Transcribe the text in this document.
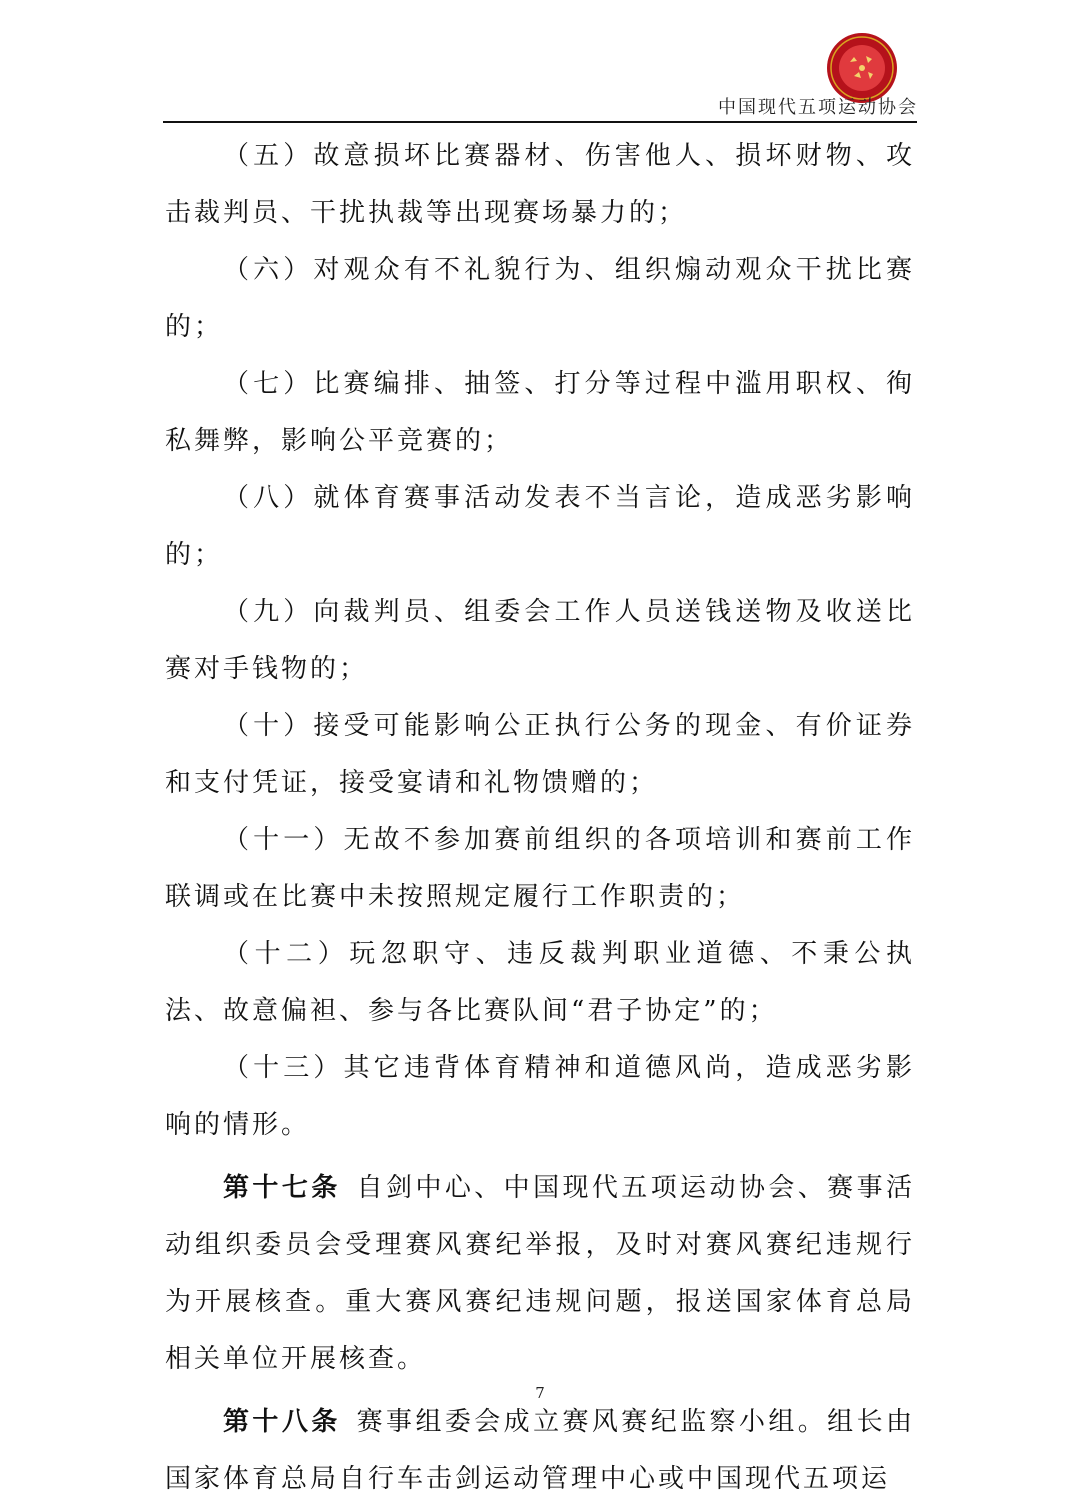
中国现代五项运动协会

（五）故意损坏比赛器材、伤害他人、损坏财物、攻击裁判员、干扰执裁等出现赛场暴力的；

（六）对观众有不礼貌行为、组织煽动观众干扰比赛的；

（七）比赛编排、抽签、打分等过程中滥用职权、徇私舞弊，影响公平竞赛的；

（八）就体育赛事活动发表不当言论，造成恶劣影响的；

（九）向裁判员、组委会工作人员送钱送物及收送比赛对手钱物的；

（十）接受可能影响公正执行公务的现金、有价证券和支付凭证，接受宴请和礼物馈赠的；

（十一）无故不参加赛前组织的各项培训和赛前工作联调或在比赛中未按照规定履行工作职责的；

（十二）玩忽职守、违反裁判职业道德、不秉公执法、故意偏袒、参与各比赛队间“君子协定”的；

（十三）其它违背体育精神和道德风尚，造成恶劣影响的情形。

第十七条 自剑中心、中国现代五项运动协会、赛事活动组织委员会受理赛风赛纪举报，及时对赛风赛纪违规行为开展核查。重大赛风赛纪违规问题，报送国家体育总局相关单位开展核查。

第十八条 赛事组委会成立赛风赛纪监察小组。组长由国家体育总局自行车击剑运动管理中心或中国现代五项运

7
